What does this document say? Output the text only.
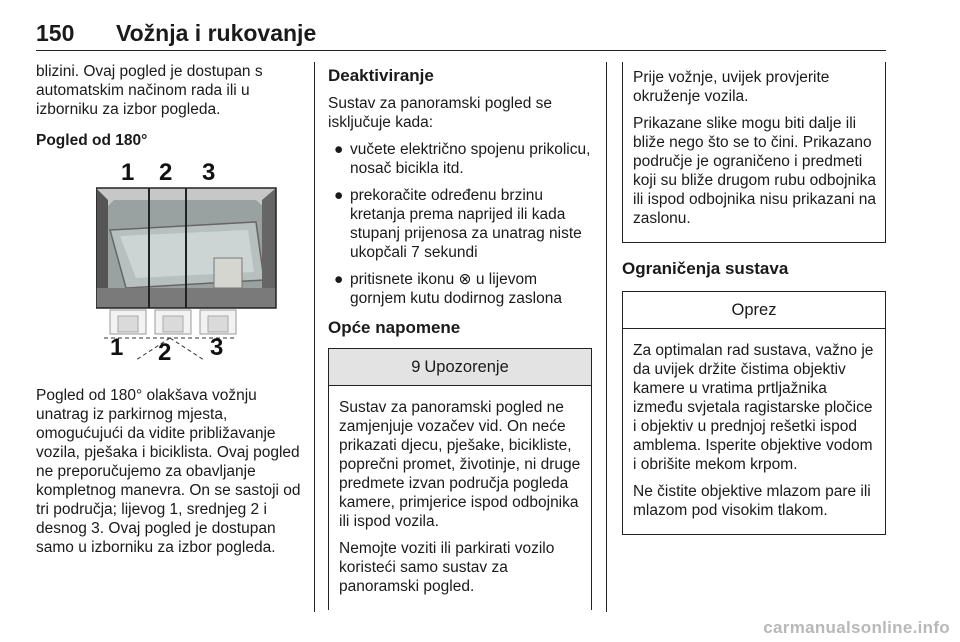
150 Vožnja i rukovanje

blizini. Ovaj pogled je dostupan s automatskim načinom rada ili u izborniku za izbor pogleda.

Pogled od 180°

1 2 3
1 2 3

Pogled od 180° olakšava vožnju unatrag iz parkirnog mjesta, omogućujući da vidite približavanje vozila, pješaka i biciklista. Ovaj pogled ne preporučujemo za obavljanje kompletnog manevra. On se sastoji od tri područja; lijevog 1, srednjeg 2 i desnog 3. Ovaj pogled je dostupan samo u izborniku za izbor pogleda.

Deaktiviranje

Sustav za panoramski pogled se isključuje kada:

● vučete električno spojenu prikolicu, nosač bicikla itd.
● prekoračite određenu brzinu kretanja prema naprijed ili kada stupanj prijenosa za unatrag niste ukopčali 7 sekundi
● pritisnete ikonu ⊗ u lijevom gornjem kutu dodirnog zaslona
Opće napomene
9 Upozorenje

Sustav za panoramski pogled ne zamjenjuje vozačev vid. On neće prikazati djecu, pješake, bicikliste, poprečni promet, životinje, ni druge predmete izvan područja pogleda kamere, primjerice ispod odbojnika ili ispod vozila.

Nemojte voziti ili parkirati vozilo koristeći samo sustav za panoramski pogled.

Prije vožnje, uvijek provjerite okruženje vozila.

Prikazane slike mogu biti dalje ili bliže nego što se to čini. Prikazano područje je ograničeno i predmeti koji su bliže drugom rubu odbojnika ili ispod odbojnika nisu prikazani na zaslonu.

Ograničenja sustava
Oprez

Za optimalan rad sustava, važno je da uvijek držite čistima objektiv kamere u vratima prtljažnika između svjetala ragistarske pločice i objektiv u prednjoj rešetki ispod amblema. Isperite objektive vodom i obrišite mekom krpom.

Ne čistite objektive mlazom pare ili mlazom pod visokim tlakom.

carmanualsonline.info
